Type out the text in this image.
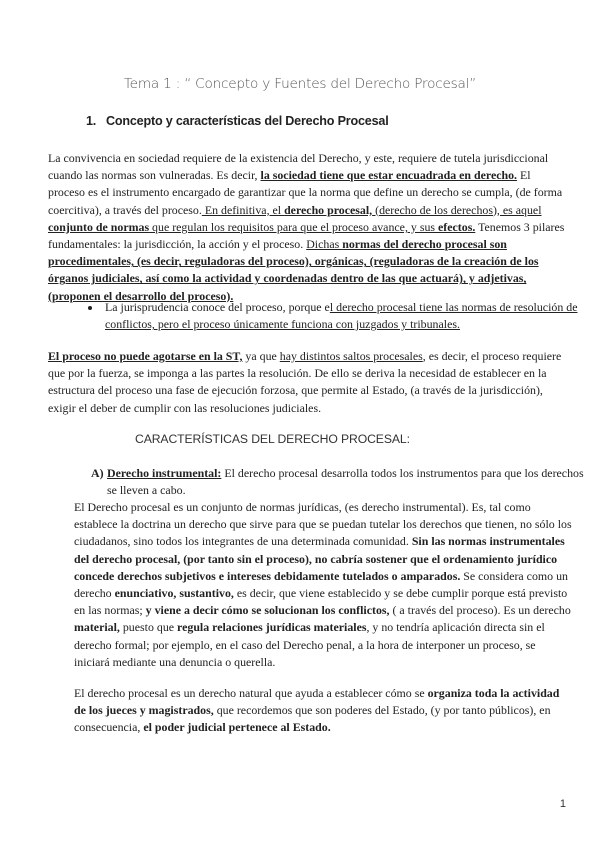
Tema 1 : “ Concepto y Fuentes del Derecho Procesal”
1. Concepto y características del Derecho Procesal
La convivencia en sociedad requiere de la existencia del Derecho, y este, requiere de tutela jurisdiccional cuando las normas son vulneradas. Es decir, la sociedad tiene que estar encuadrada en derecho. El proceso es el instrumento encargado de garantizar que la norma que define un derecho se cumpla, (de forma coercitiva), a través del proceso. En definitiva, el derecho procesal, (derecho de los derechos), es aquel conjunto de normas que regulan los requisitos para que el proceso avance, y sus efectos. Tenemos 3 pilares fundamentales: la jurisdicción, la acción y el proceso. Dichas normas del derecho procesal son procedimentales, (es decir, reguladoras del proceso), orgánicas, (reguladoras de la creación de los órganos judiciales, así como la actividad y coordenadas dentro de las que actuará), y adjetivas, (proponen el desarrollo del proceso).
La jurisprudencia conoce del proceso, porque el derecho procesal tiene las normas de resolución de conflictos, pero el proceso únicamente funciona con juzgados y tribunales.
El proceso no puede agotarse en la ST, ya que hay distintos saltos procesales, es decir, el proceso requiere que por la fuerza, se imponga a las partes la resolución. De ello se deriva la necesidad de establecer en la estructura del proceso una fase de ejecución forzosa, que permite al Estado, (a través de la jurisdicción), exigir el deber de cumplir con las resoluciones judiciales.
CARACTERÍSTICAS DEL DERECHO PROCESAL:
A) Derecho instrumental: El derecho procesal desarrolla todos los instrumentos para que los derechos se lleven a cabo.
El Derecho procesal es un conjunto de normas jurídicas, (es derecho instrumental). Es, tal como establece la doctrina un derecho que sirve para que se puedan tutelar los derechos que tienen, no sólo los ciudadanos, sino todos los integrantes de una determinada comunidad. Sin las normas instrumentales del derecho procesal, (por tanto sin el proceso), no cabría sostener que el ordenamiento jurídico concede derechos subjetivos e intereses debidamente tutelados o amparados. Se considera como un derecho enunciativo, sustantivo, es decir, que viene establecido y se debe cumplir porque está previsto en las normas; y viene a decir cómo se solucionan los conflictos, ( a través del proceso). Es un derecho material, puesto que regula relaciones jurídicas materiales, y no tendría aplicación directa sin el derecho formal; por ejemplo, en el caso del Derecho penal, a la hora de interponer un proceso, se iniciará mediante una denuncia o querella.
El derecho procesal es un derecho natural que ayuda a establecer cómo se organiza toda la actividad de los jueces y magistrados, que recordemos que son poderes del Estado, (y por tanto públicos), en consecuencia, el poder judicial pertenece al Estado.
1
